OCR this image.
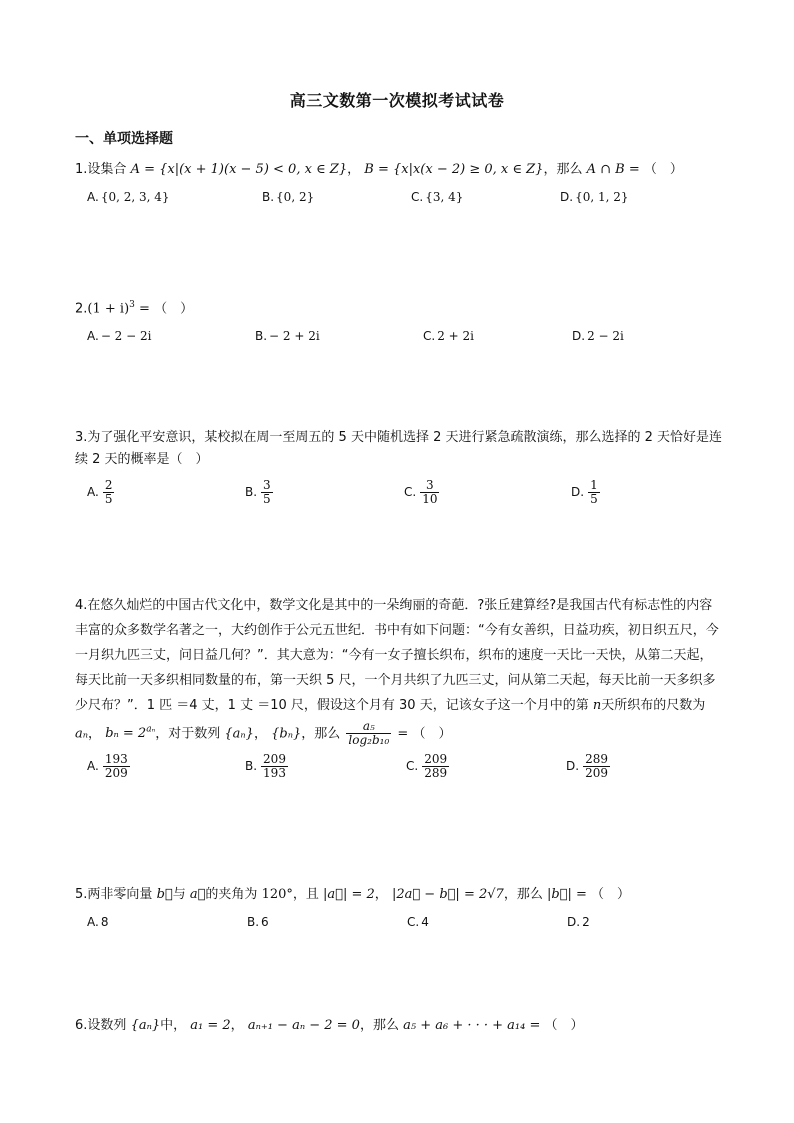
高三文数第一次模拟考试试卷
一、单项选择题
1.设集合 A = {x|(x + 1)(x − 5) < 0, x ∈ Z}， B = {x|x(x − 2) ≥ 0, x ∈ Z}，那么 A ∩ B = （　）
A. {0, 2, 3, 4}	B. {0, 2}	C. {3, 4}	D. {0, 1, 2}
$2.(1 + i)^3$ = （　）
A. − 2 − 2i	B. − 2 + 2i	C. 2 + 2i	D. 2 − 2i
3.为了强化平安意识，某校拟在周一至周五的 5 天中随机选择 2 天进行紧急疏散演练，那么选择的 2 天恰好是连续 2 天的概率是（　）
A. $\frac{2}{5}$	B. $\frac{3}{5}$	C. $\frac{3}{10}$	D. $\frac{1}{5}$
4.在悠久灿烂的中国古代文化中，数学文化是其中的一朵绚丽的奇葩．?张丘建算经?是我国古代有标志性的内容丰富的众多数学名著之一，大约创作于公元五世纪．书中有如下问题：“今有女善织，日益功疾，初日织五尺，今一月织九匹三丈，问日益几何？”．其大意为：“今有一女子擅长织布，织布的速度一天比一天快，从第二天起，每天比前一天多织相同数量的布，第一天织 5 尺，一个月共织了九匹三丈，问从第二天起，每天比前一天多织多少尺布？”．1 匹 ＝4 丈，1 丈 ＝10 尺，假设这个月有 30 天，记该女子这一个月中的第 n天所织布的尺数为 aₙ， $b_n = 2^{a_n}$，对于数列 {aₙ}， {bₙ}，那么 $\frac{\text{a₅}}{\text{log₂b₁₀}}$ = （　）
A. $\frac{193}{209}$	B. $\frac{209}{193}$	C. $\frac{209}{289}$	D. $\frac{289}{209}$
5.两非零向量 b⃗与 a⃗的夹角为 120°，且 |a⃗| = 2， |2a⃗ − b⃗| = 2√7，那么 |b⃗| = （　）
A. 8	B. 6	C. 4	D. 2
6.设数列 {aₙ}中， a₁ = 2， aₙ₊₁ − aₙ − 2 = 0，那么 a₅ + a₆ + · · · + a₁₄ = （　）
